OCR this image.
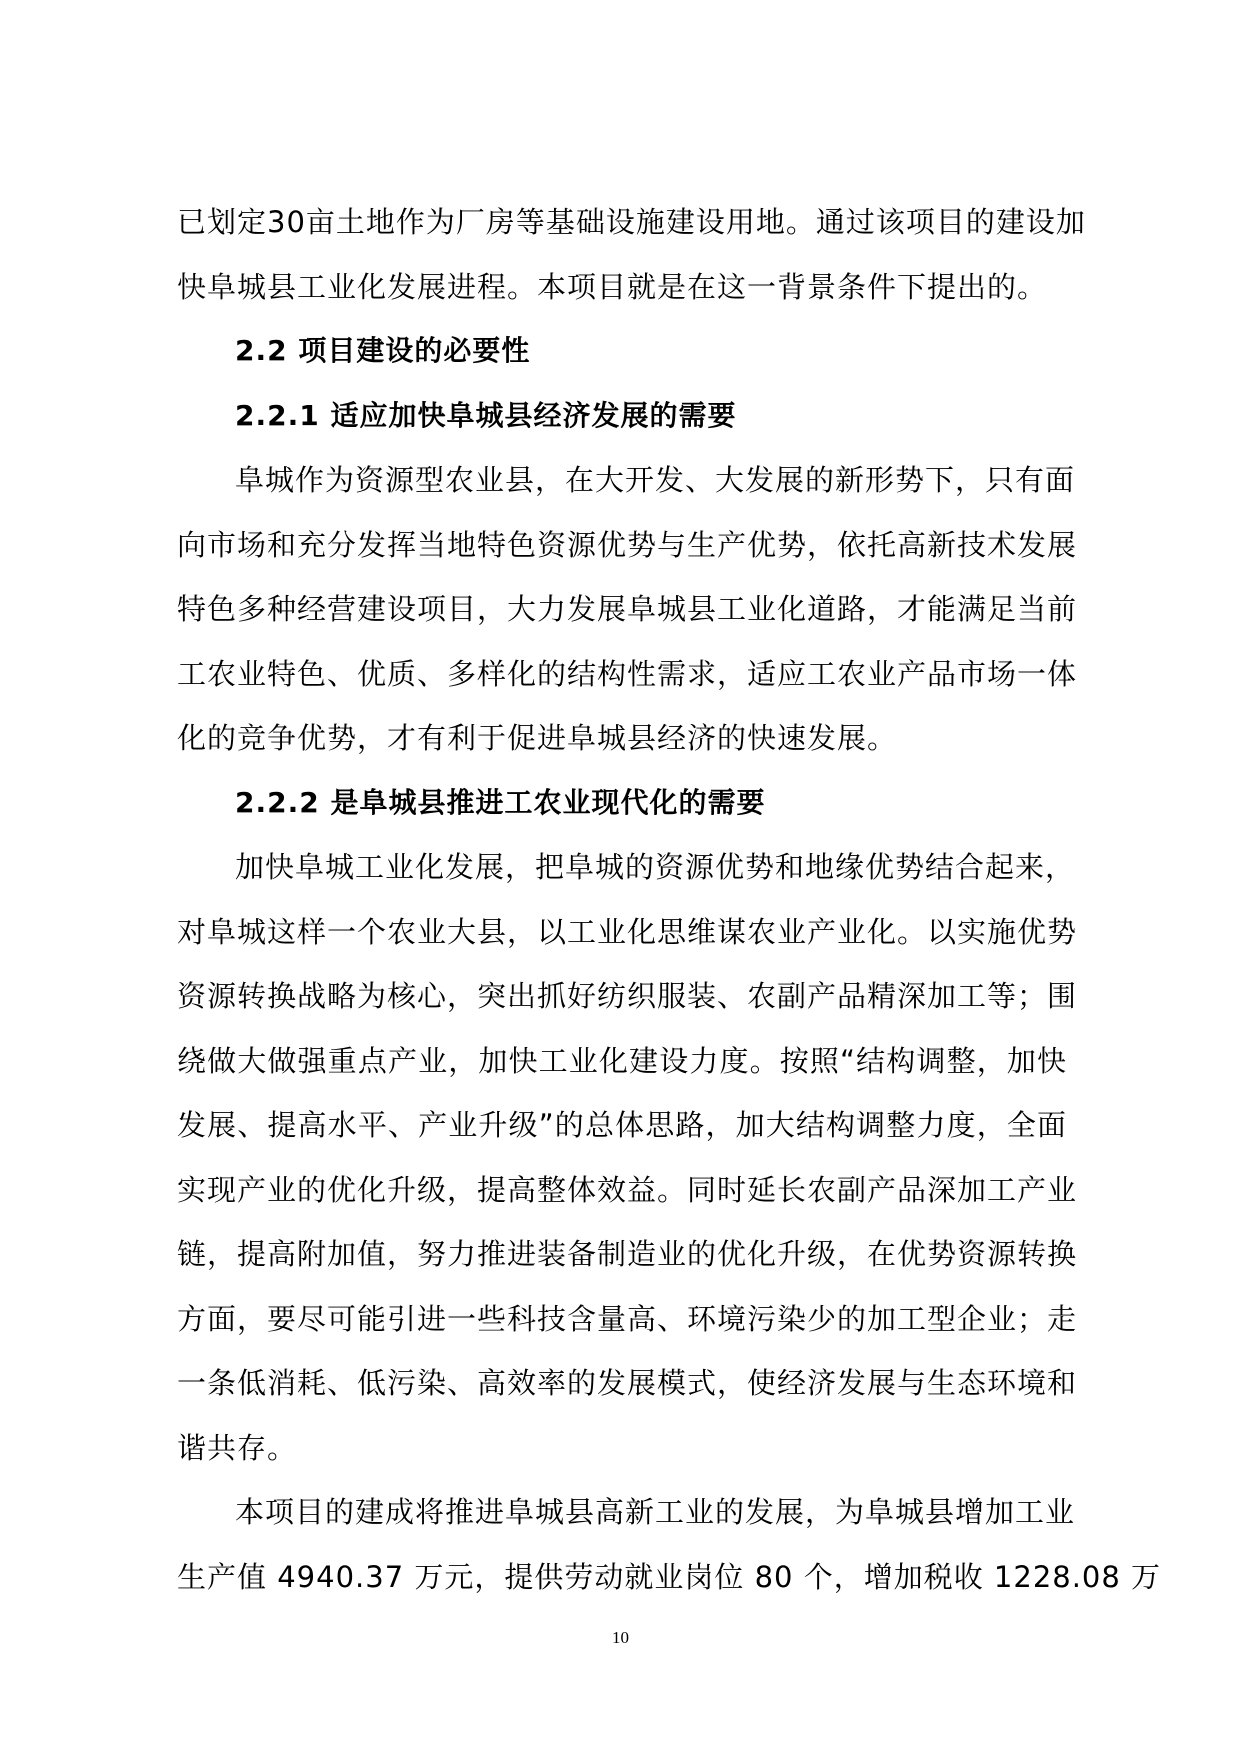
已划定30亩土地作为厂房等基础设施建设用地。通过该项目的建设加
快阜城县工业化发展进程。本项目就是在这一背景条件下提出的。
2.2 项目建设的必要性
2.2.1 适应加快阜城县经济发展的需要
阜城作为资源型农业县，在大开发、大发展的新形势下，只有面
向市场和充分发挥当地特色资源优势与生产优势，依托高新技术发展
特色多种经营建设项目，大力发展阜城县工业化道路，才能满足当前
工农业特色、优质、多样化的结构性需求，适应工农业产品市场一体
化的竞争优势，才有利于促进阜城县经济的快速发展。
2.2.2 是阜城县推进工农业现代化的需要
加快阜城工业化发展，把阜城的资源优势和地缘优势结合起来，
对阜城这样一个农业大县，以工业化思维谋农业产业化。以实施优势
资源转换战略为核心，突出抓好纺织服装、农副产品精深加工等；围
绕做大做强重点产业，加快工业化建设力度。按照“结构调整，加快
发展、提高水平、产业升级”的总体思路，加大结构调整力度，全面
实现产业的优化升级，提高整体效益。同时延长农副产品深加工产业
链，提高附加值，努力推进装备制造业的优化升级，在优势资源转换
方面，要尽可能引进一些科技含量高、环境污染少的加工型企业；走
一条低消耗、低污染、高效率的发展模式，使经济发展与生态环境和
谐共存。
本项目的建成将推进阜城县高新工业的发展，为阜城县增加工业
生产值 4940.37 万元，提供劳动就业岗位 80 个，增加税收 1228.08 万
10
